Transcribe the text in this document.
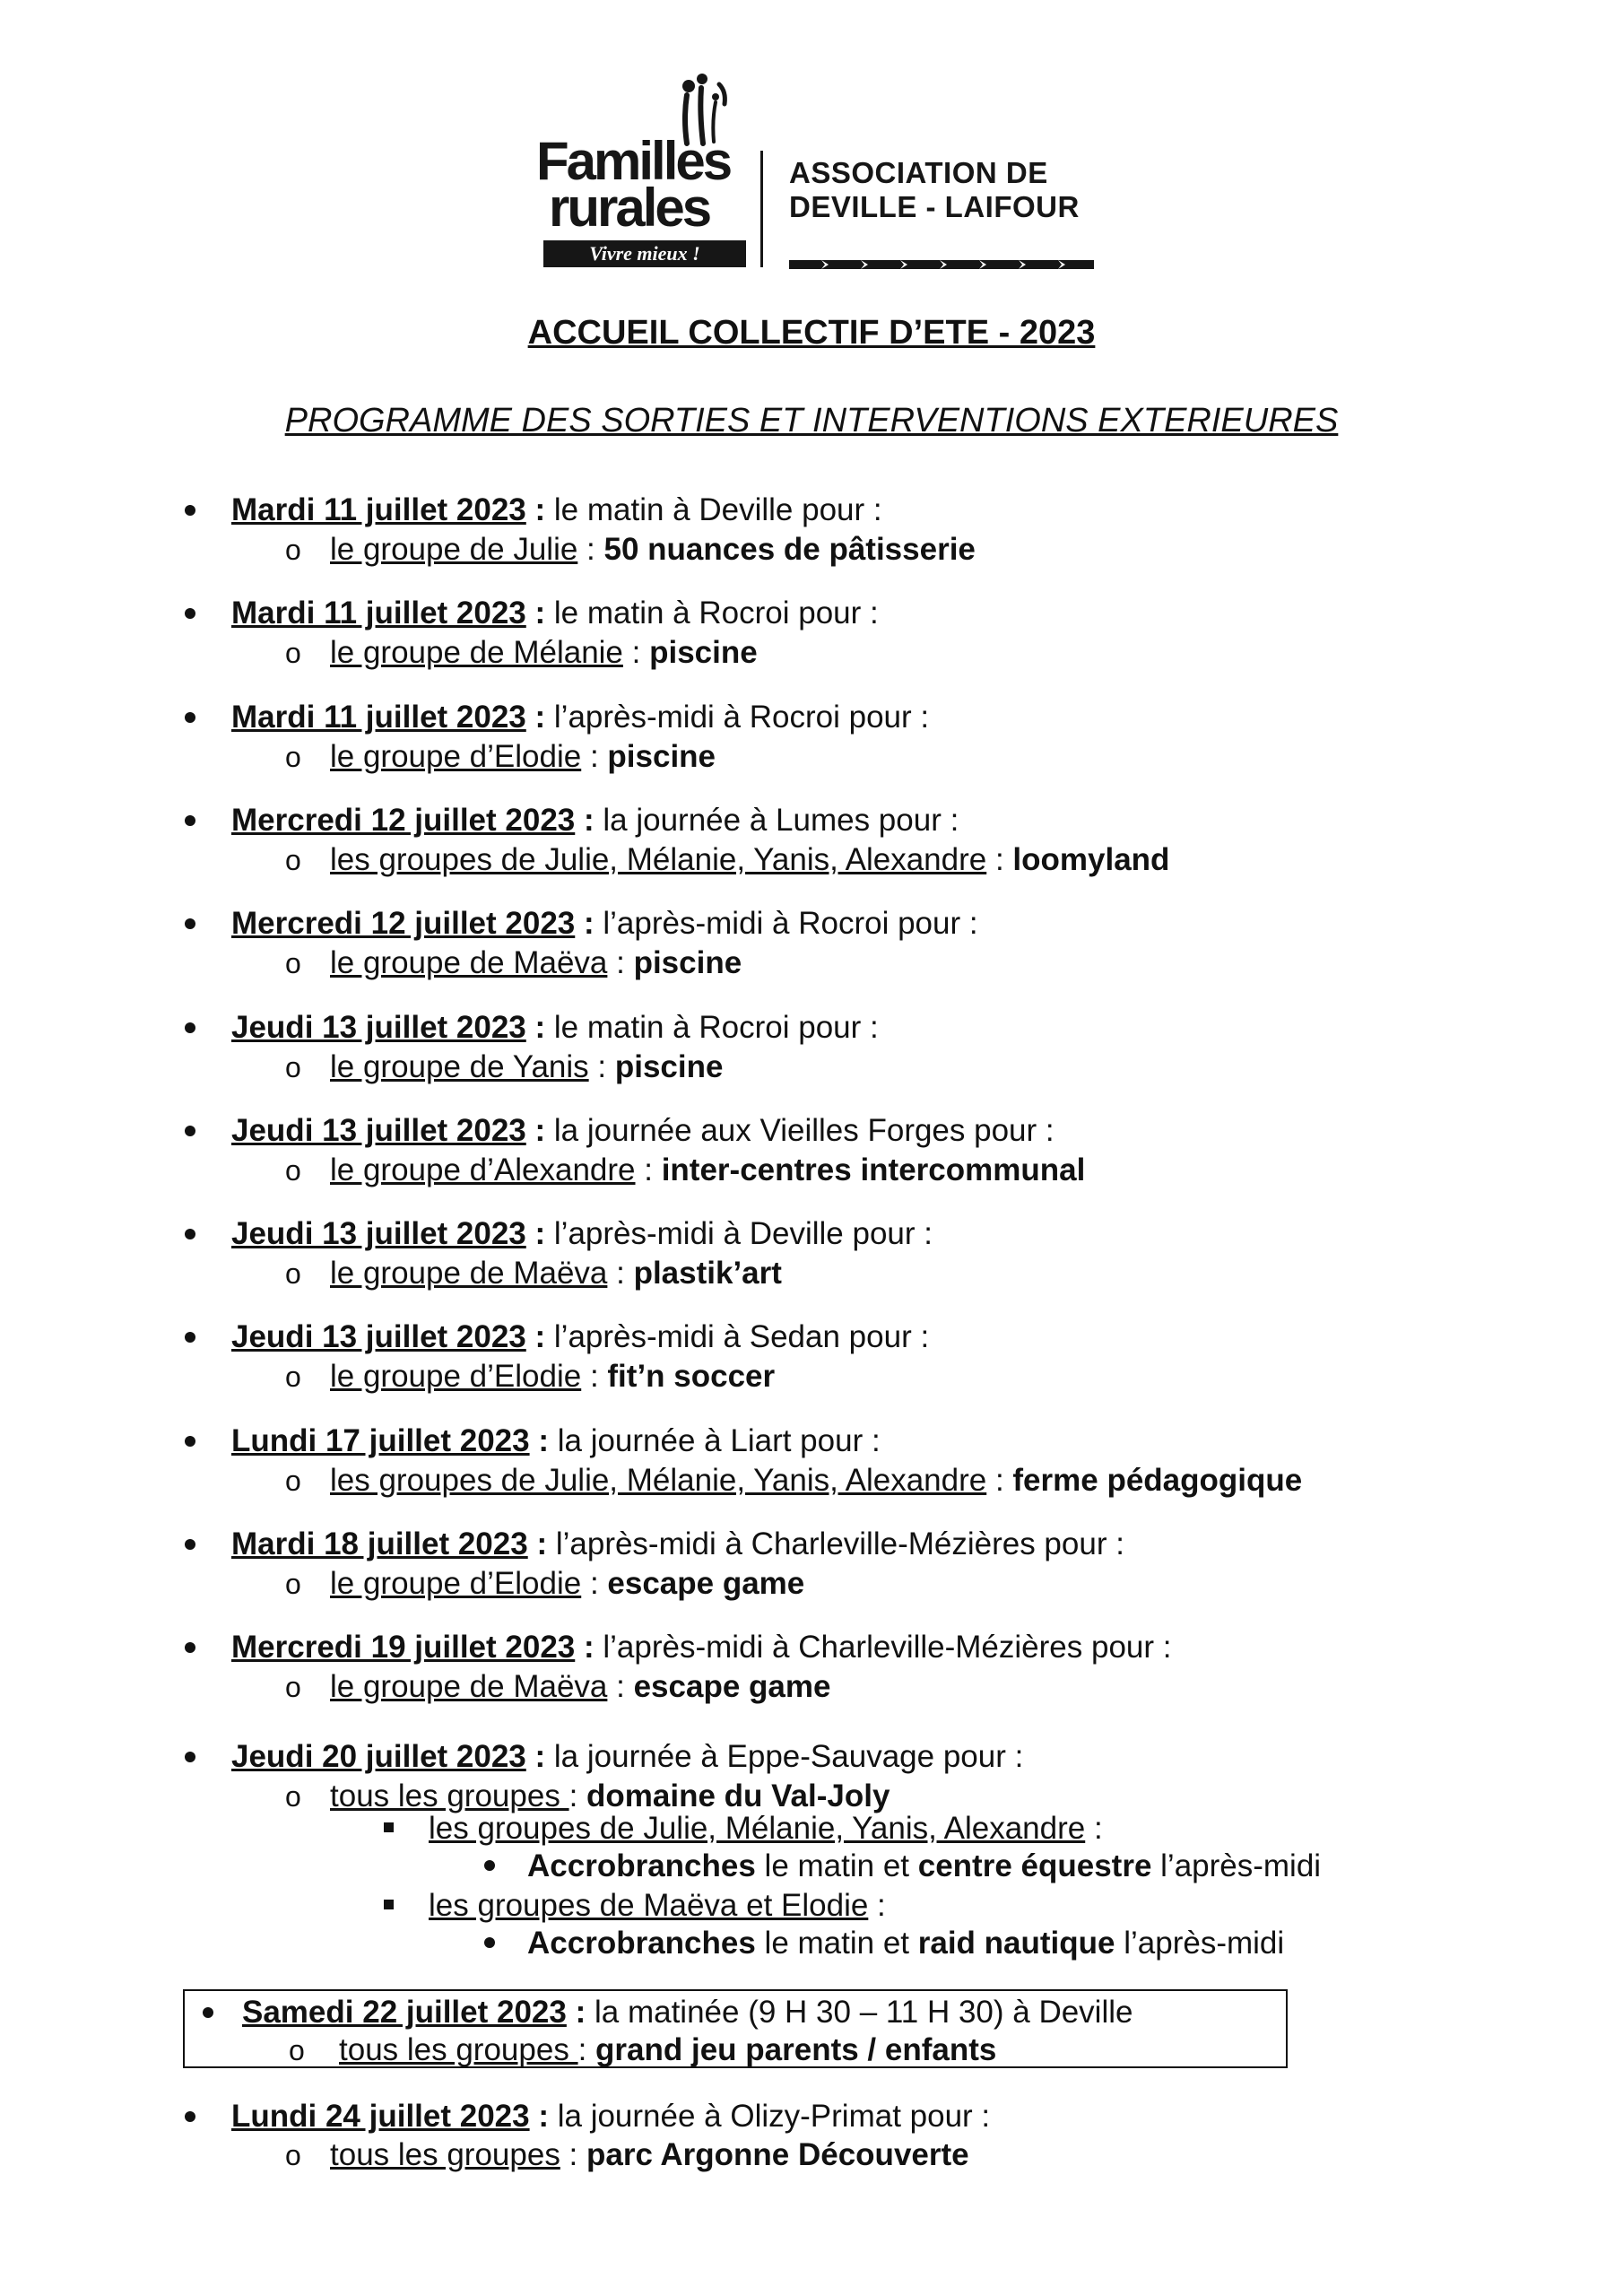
Familles
rurales
Vivre mieux !
ASSOCIATION DE
DEVILLE - LAIFOUR
ACCUEIL COLLECTIF D’ETE - 2023
PROGRAMME DES SORTIES ET INTERVENTIONS EXTERIEURES
Mardi 11 juillet 2023 : le matin à Deville pour :
o le groupe de Julie : 50 nuances de pâtisserie
Mardi 11 juillet 2023 : le matin à Rocroi pour :
o le groupe de Mélanie : piscine
Mardi 11 juillet 2023 : l’après-midi à Rocroi pour :
o le groupe d’Elodie : piscine
Mercredi 12 juillet 2023 : la journée à Lumes pour :
o les groupes de Julie, Mélanie, Yanis, Alexandre : loomyland
Mercredi 12 juillet 2023 : l’après-midi à Rocroi pour :
o le groupe de Maëva : piscine
Jeudi 13 juillet 2023 : le matin à Rocroi pour :
o le groupe de Yanis : piscine
Jeudi 13 juillet 2023 : la journée aux Vieilles Forges pour :
o le groupe d’Alexandre : inter-centres intercommunal
Jeudi 13 juillet 2023 : l’après-midi à Deville pour :
o le groupe de Maëva : plastik’art
Jeudi 13 juillet 2023 : l’après-midi à Sedan pour :
o le groupe d’Elodie : fit’n soccer
Lundi 17 juillet 2023 : la journée à Liart pour :
o les groupes de Julie, Mélanie, Yanis, Alexandre : ferme pédagogique
Mardi 18 juillet 2023 : l’après-midi à Charleville-Mézières pour :
o le groupe d’Elodie : escape game
Mercredi 19 juillet 2023 : l’après-midi à Charleville-Mézières pour :
o le groupe de Maëva : escape game
Jeudi 20 juillet 2023 : la journée à Eppe-Sauvage pour :
o tous les groupes : domaine du Val-Joly
les groupes de Julie, Mélanie, Yanis, Alexandre :
Accrobranches le matin et centre équestre l’après-midi
les groupes de Maëva et Elodie :
Accrobranches le matin et raid nautique l’après-midi
Samedi 22 juillet 2023 : la matinée (9 H 30 – 11 H 30) à Deville
o tous les groupes : grand jeu parents / enfants
Lundi 24 juillet 2023 : la journée à Olizy-Primat pour :
o tous les groupes : parc Argonne Découverte
